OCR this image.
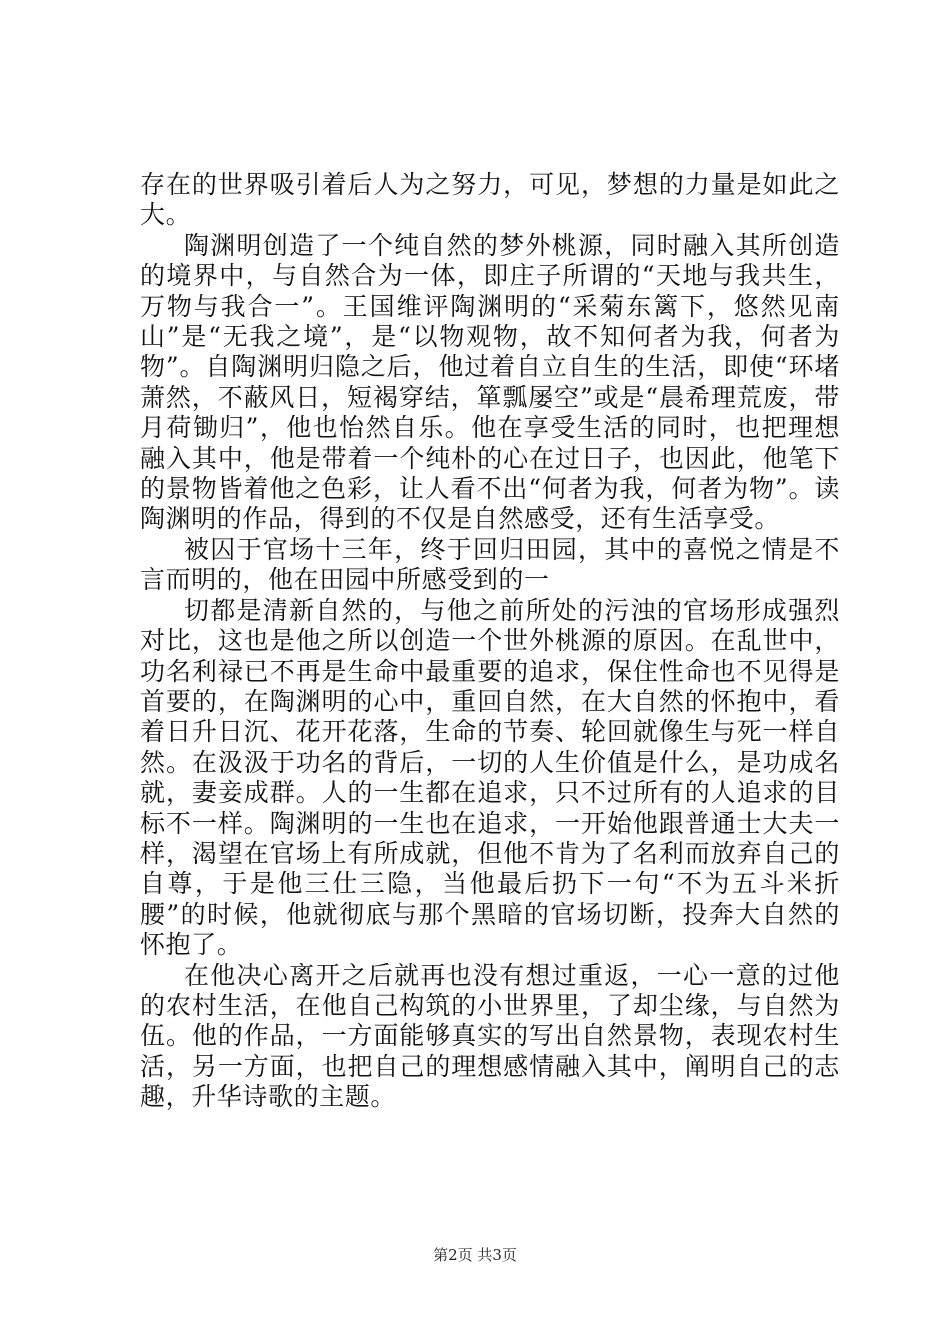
存在的世界吸引着后人为之努力，可见，梦想的力量是如此之大。

陶渊明创造了一个纯自然的梦外桃源，同时融入其所创造的境界中，与自然合为一体，即庄子所谓的“天地与我共生，万物与我合一”。王国维评陶渊明的“采菊东篱下，悠然见南山”是“无我之境”，是“以物观物，故不知何者为我，何者为物”。自陶渊明归隐之后，他过着自立自生的生活，即使“环堵萧然，不蔽风日，短褐穿结，箪瓢屡空”或是“晨希理荒废，带月荷锄归”，他也怡然自乐。他在享受生活的同时，也把理想融入其中，他是带着一个纯朴的心在过日子，也因此，他笔下的景物皆着他之色彩，让人看不出“何者为我，何者为物”。读陶渊明的作品，得到的不仅是自然感受，还有生活享受。

被囚于官场十三年，终于回归田园，其中的喜悦之情是不言而明的，他在田园中所感受到的一

切都是清新自然的，与他之前所处的污浊的官场形成强烈对比，这也是他之所以创造一个世外桃源的原因。在乱世中，功名利禄已不再是生命中最重要的追求，保住性命也不见得是首要的，在陶渊明的心中，重回自然，在大自然的怀抱中，看着日升日沉、花开花落，生命的节奏、轮回就像生与死一样自然。在汲汲于功名的背后，一切的人生价值是什么，是功成名就，妻妾成群。人的一生都在追求，只不过所有的人追求的目标不一样。陶渊明的一生也在追求，一开始他跟普通士大夫一样，渴望在官场上有所成就，但他不肯为了名利而放弃自己的自尊，于是他三仕三隐，当他最后扔下一句“不为五斗米折腰”的时候，他就彻底与那个黑暗的官场切断，投奔大自然的怀抱了。

在他决心离开之后就再也没有想过重返，一心一意的过他的农村生活，在他自己构筑的小世界里，了却尘缘，与自然为伍。他的作品，一方面能够真实的写出自然景物，表现农村生活，另一方面，也把自己的理想感情融入其中，阐明自己的志趣，升华诗歌的主题。

第2页 共3页
